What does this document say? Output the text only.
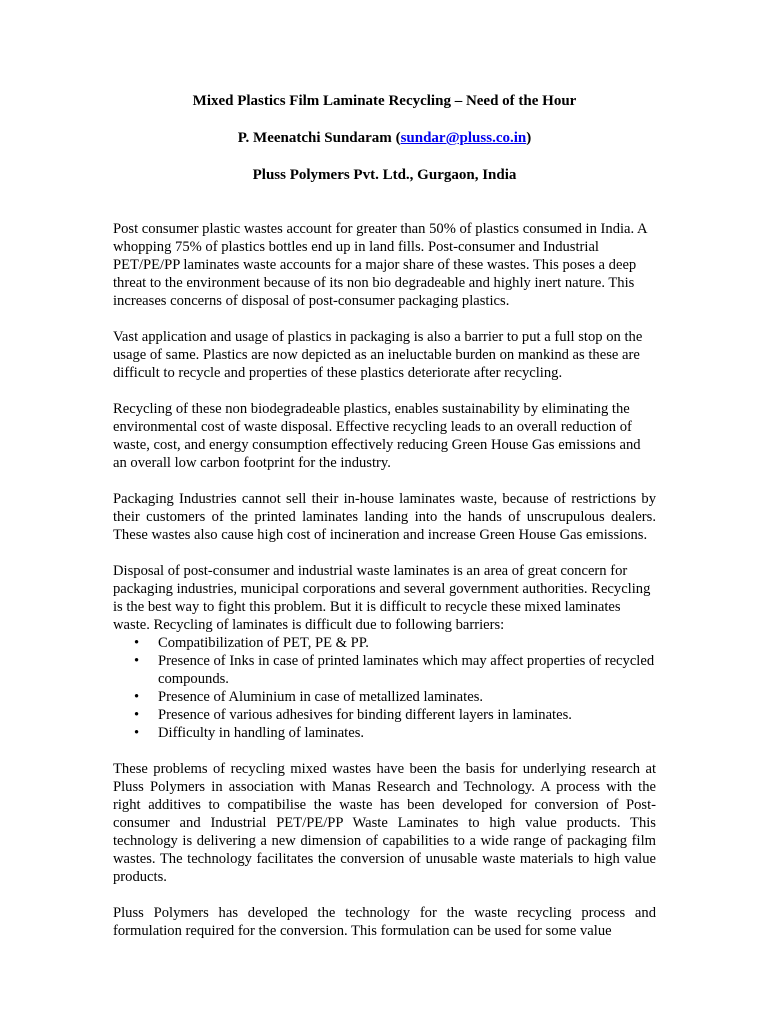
Mixed Plastics Film Laminate Recycling – Need of the Hour

P. Meenatchi Sundaram (sundar@pluss.co.in)

Pluss Polymers Pvt. Ltd., Gurgaon, India

Post consumer plastic wastes account for greater than 50% of plastics consumed in India. A whopping 75% of plastics bottles end up in land fills. Post-consumer and Industrial PET/PE/PP laminates waste accounts for a major share of these wastes. This poses a deep threat to the environment because of its non bio degradeable and highly inert nature. This increases concerns of disposal of post-consumer packaging plastics.

Vast application and usage of plastics in packaging is also a barrier to put a full stop on the usage of same. Plastics are now depicted as an ineluctable burden on mankind as these are difficult to recycle and properties of these plastics deteriorate after recycling.

Recycling of these non biodegradeable plastics, enables sustainability by eliminating the environmental cost of waste disposal. Effective recycling leads to an overall reduction of waste, cost, and energy consumption effectively reducing Green House Gas emissions and an overall low carbon footprint for the industry.

Packaging Industries cannot sell their in-house laminates waste, because of restrictions by their customers of the printed laminates landing into the hands of unscrupulous dealers. These wastes also cause high cost of incineration and increase Green House Gas emissions.

Disposal of post-consumer and industrial waste laminates is an area of great concern for packaging industries, municipal corporations and several government authorities. Recycling is the best way to fight this problem. But it is difficult to recycle these mixed laminates waste. Recycling of laminates is difficult due to following barriers:

• Compatibilization of PET, PE & PP.
• Presence of Inks in case of printed laminates which may affect properties of recycled compounds.
• Presence of Aluminium in case of metallized laminates.
• Presence of various adhesives for binding different layers in laminates.
• Difficulty in handling of laminates.

These problems of recycling mixed wastes have been the basis for underlying research at Pluss Polymers in association with Manas Research and Technology. A process with the right additives to compatibilise the waste has been developed for conversion of Post-consumer and Industrial PET/PE/PP Waste Laminates to high value products. This technology is delivering a new dimension of capabilities to a wide range of packaging film wastes. The technology facilitates the conversion of unusable waste materials to high value products.

Pluss Polymers has developed the technology for the waste recycling process and formulation required for the conversion. This formulation can be used for some value
